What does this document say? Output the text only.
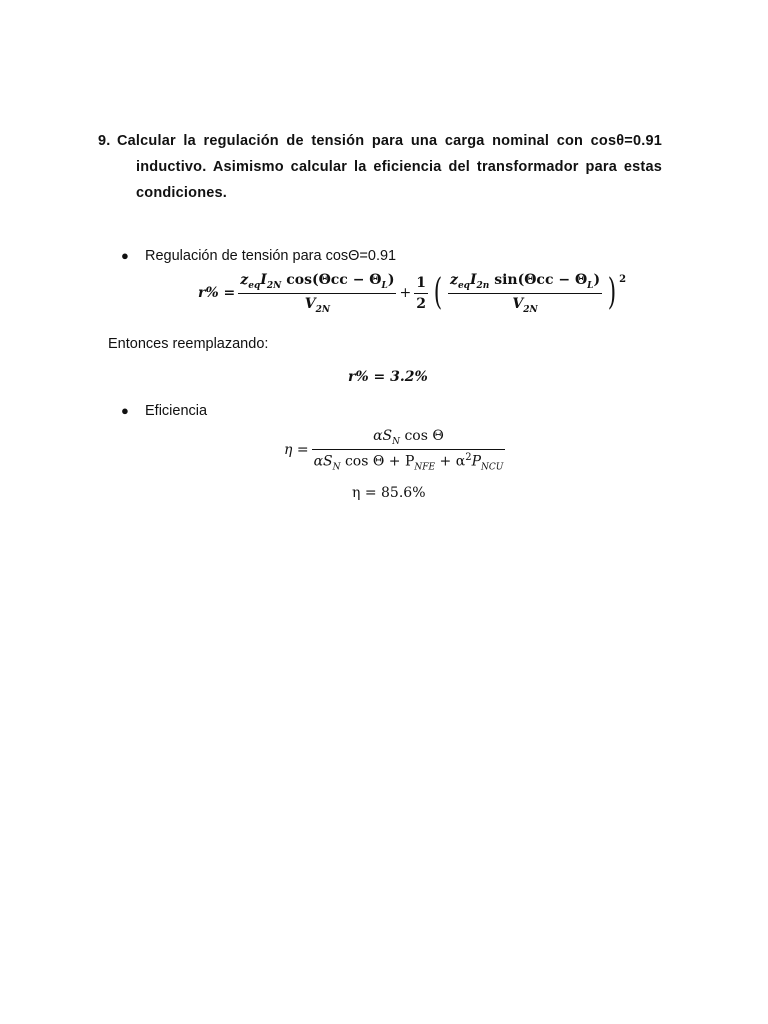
9. Calcular la regulación de tensión para una carga nominal con cosθ=0.91 inductivo. Asimismo calcular la eficiencia del transformador para estas condiciones.
● Regulación de tensión para cosΘ=0.91
$r\% = \frac{z_{eq}I_{2N} \cos(\Theta cc - \Theta_L)}{V_{2N}} + \frac{1}{2}$ ( $\frac{z_{eq}I_{2n} \sin(\Theta cc - \Theta_L)}{V_{2N}}$ ) $^2$
Entonces reemplazando:
r% = 3.2%
● Eficiencia
$\eta = \frac{\alpha S_N \cos \Theta}{\alpha S_N \cos \Theta + P_{NFE} + \alpha^2P_{NCU}}$
η = 85.6%
